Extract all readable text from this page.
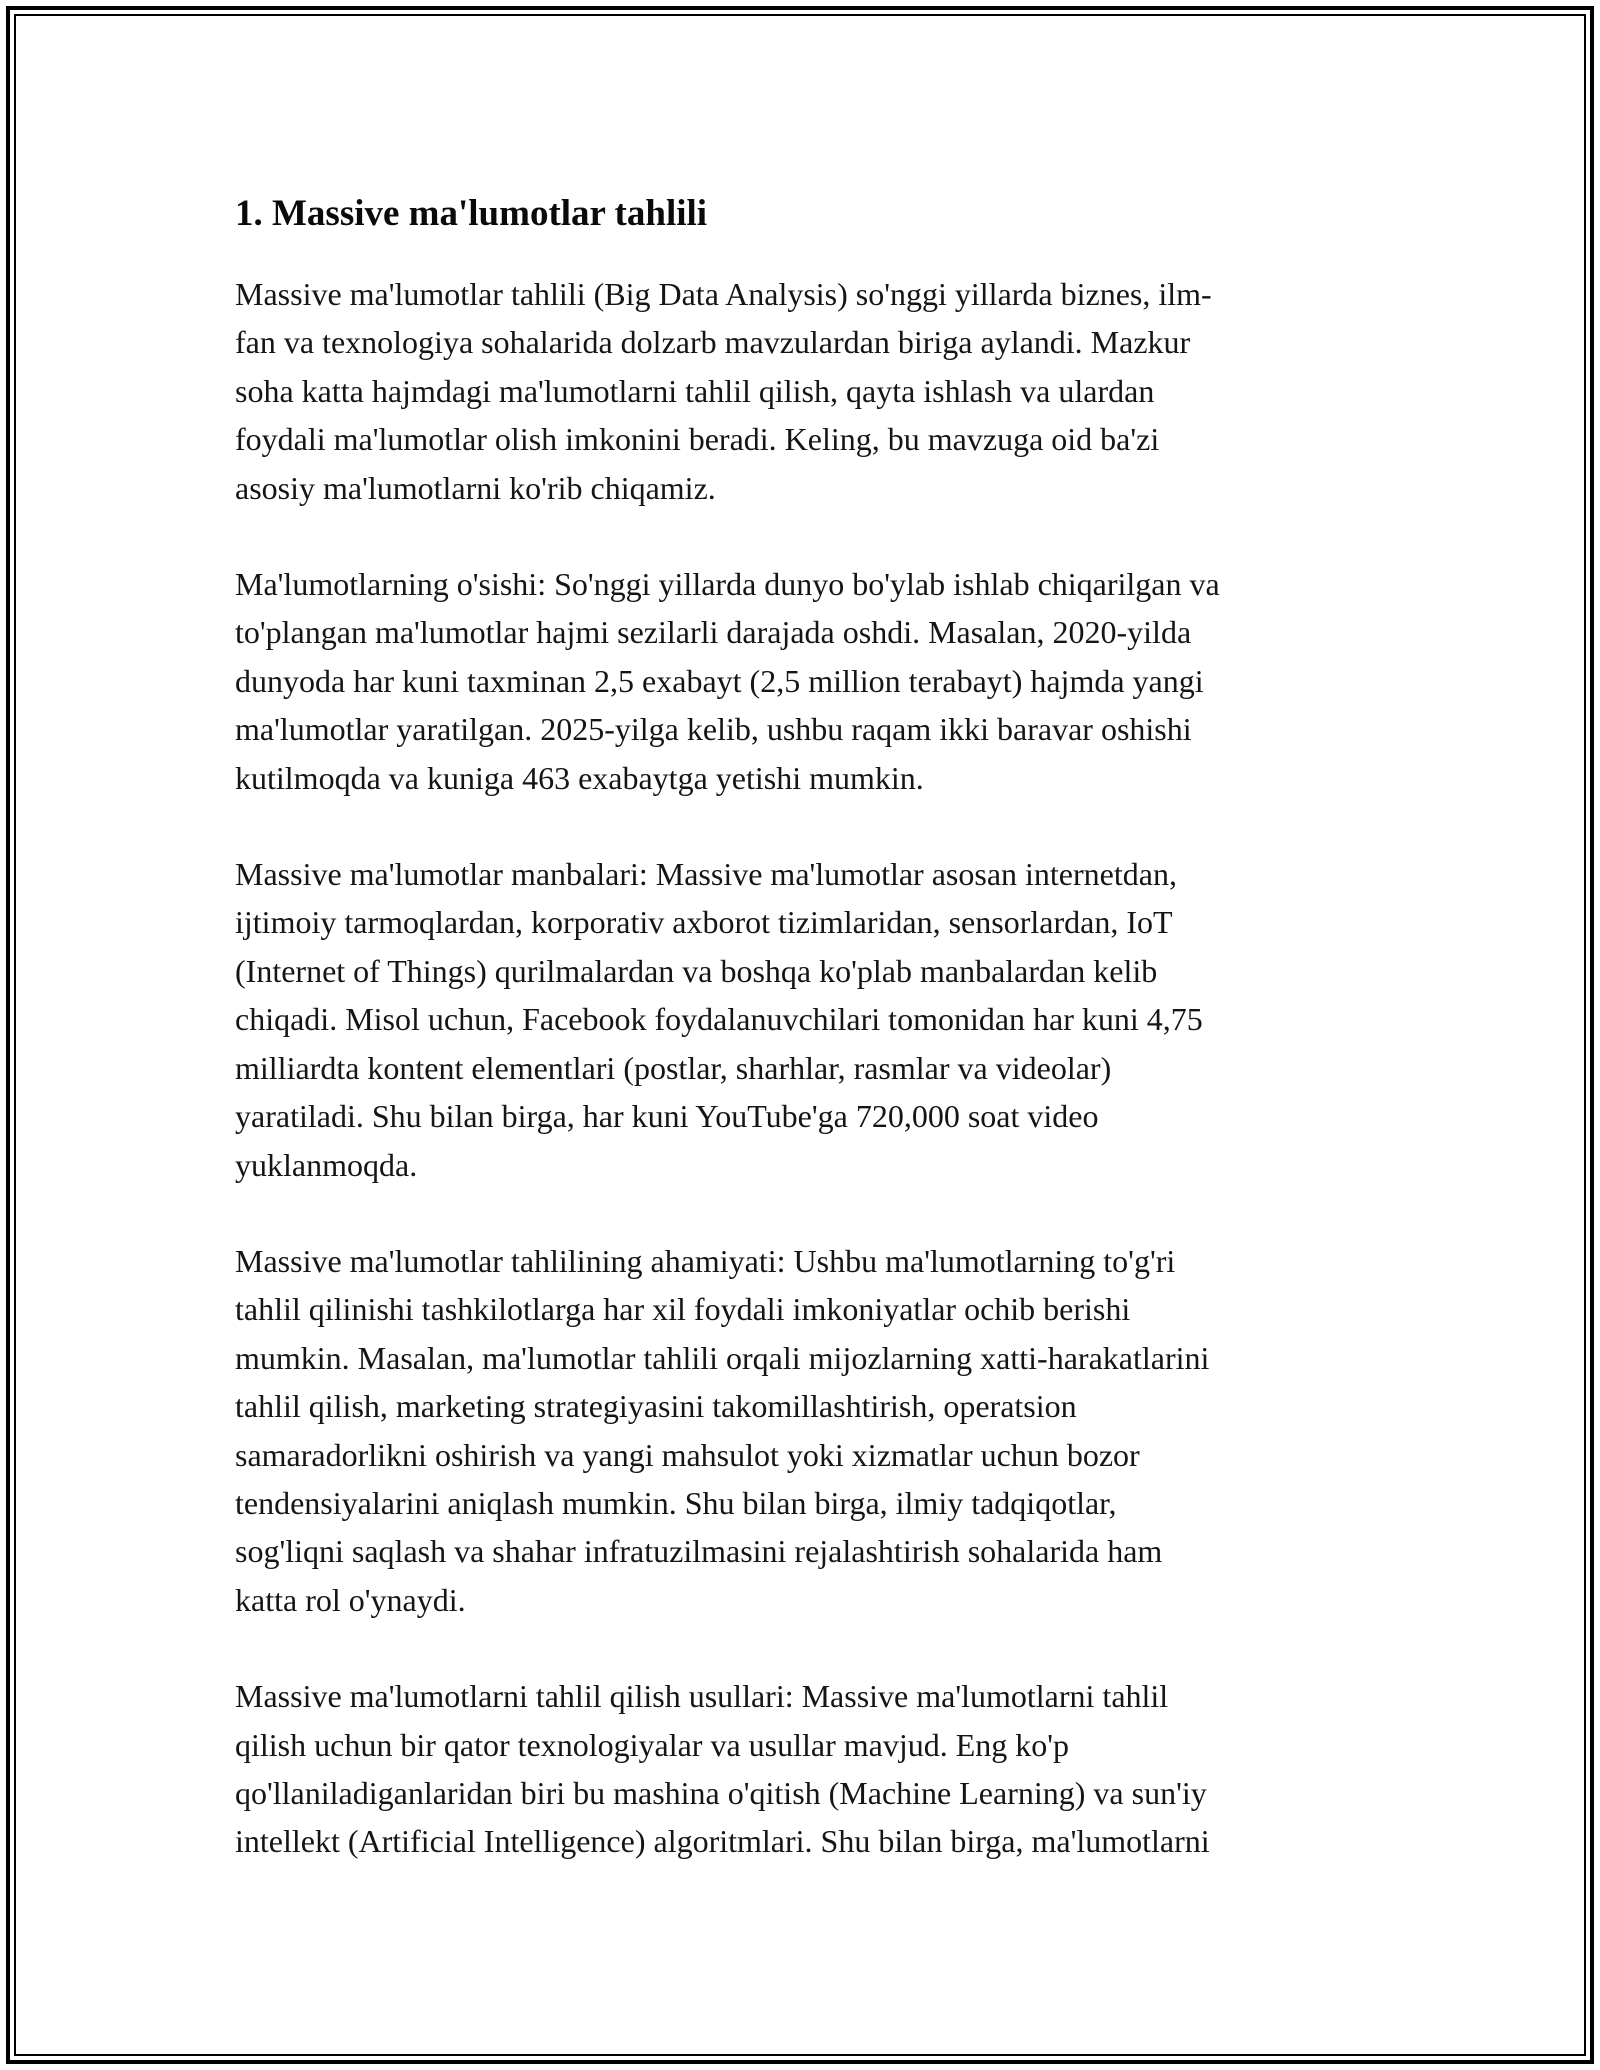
1. Massive ma'lumotlar tahlili

Massive ma'lumotlar tahlili (Big Data Analysis) so'nggi yillarda biznes, ilm-
fan va texnologiya sohalarida dolzarb mavzulardan biriga aylandi. Mazkur
soha katta hajmdagi ma'lumotlarni tahlil qilish, qayta ishlash va ulardan
foydali ma'lumotlar olish imkonini beradi. Keling, bu mavzuga oid ba'zi
asosiy ma'lumotlarni ko'rib chiqamiz.

Ma'lumotlarning o'sishi: So'nggi yillarda dunyo bo'ylab ishlab chiqarilgan va
to'plangan ma'lumotlar hajmi sezilarli darajada oshdi. Masalan, 2020-yilda
dunyoda har kuni taxminan 2,5 exabayt (2,5 million terabayt) hajmda yangi
ma'lumotlar yaratilgan. 2025-yilga kelib, ushbu raqam ikki baravar oshishi
kutilmoqda va kuniga 463 exabaytga yetishi mumkin.

Massive ma'lumotlar manbalari: Massive ma'lumotlar asosan internetdan,
ijtimoiy tarmoqlardan, korporativ axborot tizimlaridan, sensorlardan, IoT
(Internet of Things) qurilmalardan va boshqa ko'plab manbalardan kelib
chiqadi. Misol uchun, Facebook foydalanuvchilari tomonidan har kuni 4,75
milliardta kontent elementlari (postlar, sharhlar, rasmlar va videolar)
yaratiladi. Shu bilan birga, har kuni YouTube'ga 720,000 soat video
yuklanmoqda.

Massive ma'lumotlar tahlilining ahamiyati: Ushbu ma'lumotlarning to'g'ri
tahlil qilinishi tashkilotlarga har xil foydali imkoniyatlar ochib berishi
mumkin. Masalan, ma'lumotlar tahlili orqali mijozlarning xatti-harakatlarini
tahlil qilish, marketing strategiyasini takomillashtirish, operatsion
samaradorlikni oshirish va yangi mahsulot yoki xizmatlar uchun bozor
tendensiyalarini aniqlash mumkin. Shu bilan birga, ilmiy tadqiqotlar,
sog'liqni saqlash va shahar infratuzilmasini rejalashtirish sohalarida ham
katta rol o'ynaydi.

Massive ma'lumotlarni tahlil qilish usullari: Massive ma'lumotlarni tahlil
qilish uchun bir qator texnologiyalar va usullar mavjud. Eng ko'p
qo'llaniladiganlaridan biri bu mashina o'qitish (Machine Learning) va sun'iy
intellekt (Artificial Intelligence) algoritmlari. Shu bilan birga, ma'lumotlarni
